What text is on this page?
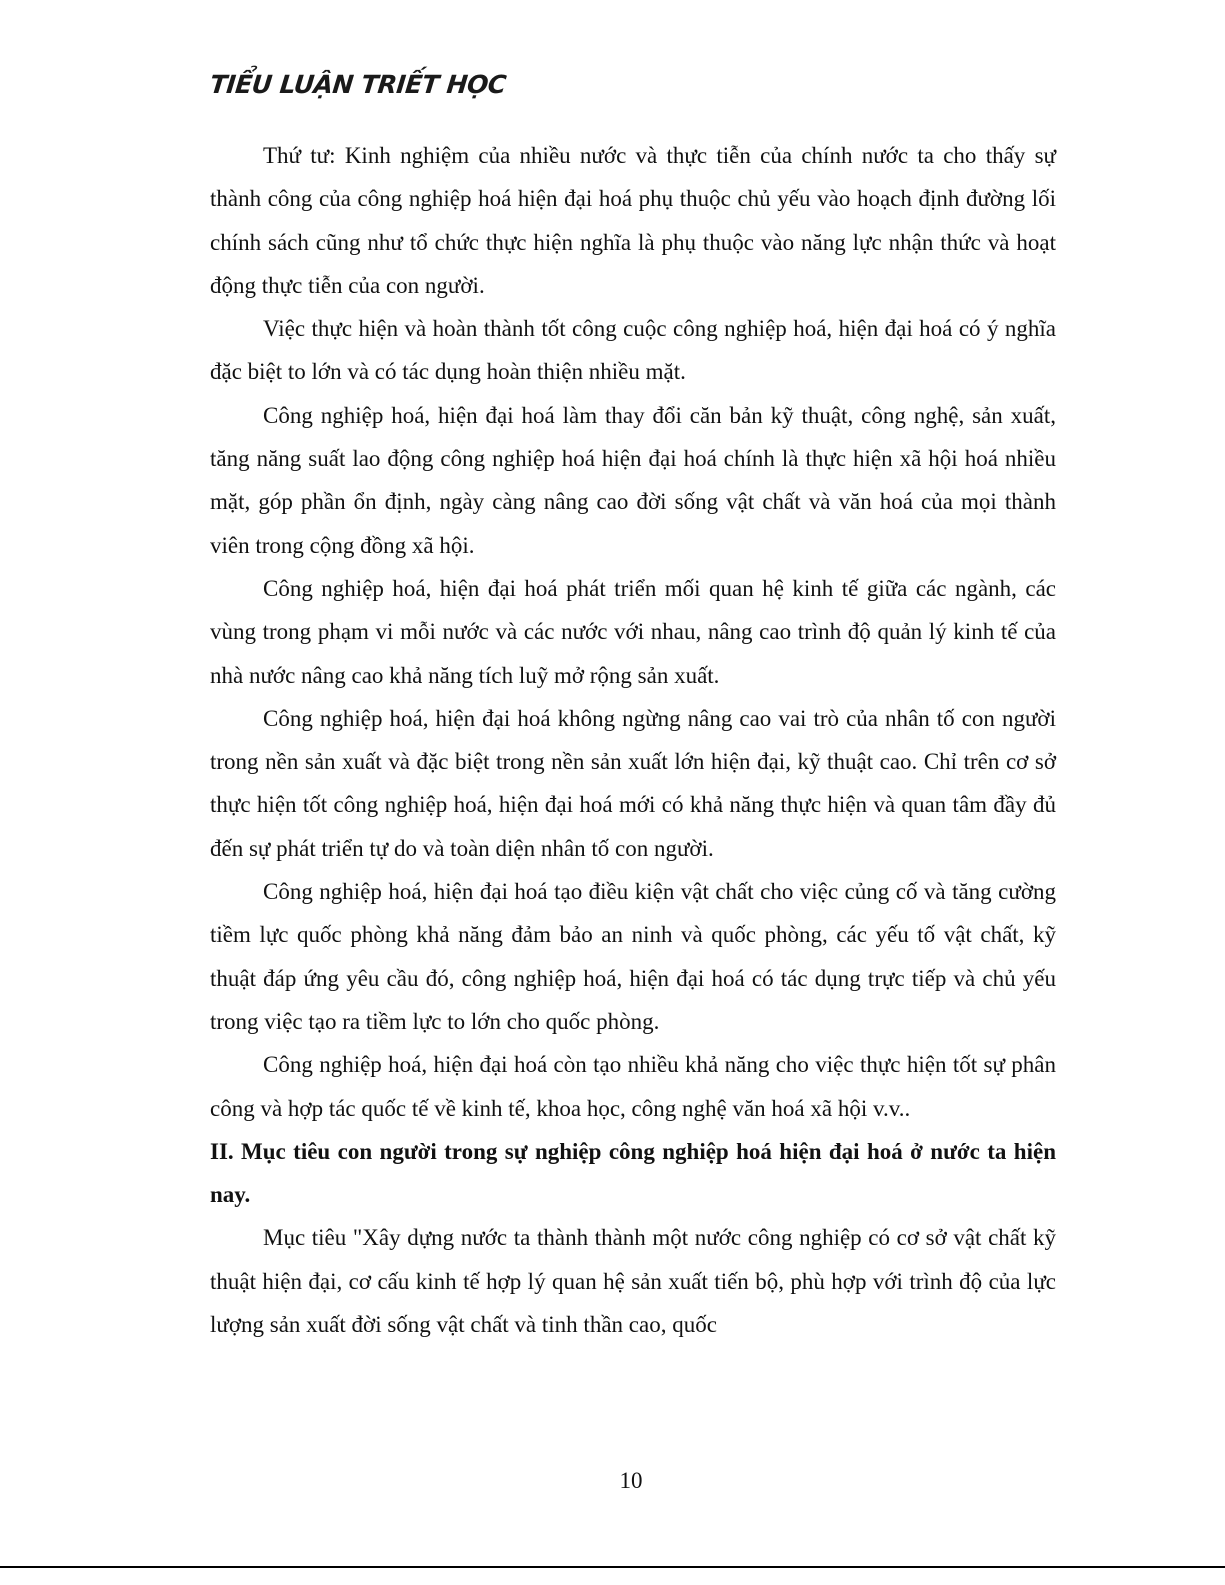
TIỂU LUẬN TRIẾT HỌC

Thứ tư: Kinh nghiệm của nhiều nước và thực tiễn của chính nước ta cho thấy sự thành công của công nghiệp hoá hiện đại hoá phụ thuộc chủ yếu vào hoạch định đường lối chính sách cũng như tổ chức thực hiện nghĩa là phụ thuộc vào năng lực nhận thức và hoạt động thực tiễn của con người.

Việc thực hiện và hoàn thành tốt công cuộc công nghiệp hoá, hiện đại hoá có ý nghĩa đặc biệt to lớn và có tác dụng hoàn thiện nhiều mặt.

Công nghiệp hoá, hiện đại hoá làm thay đổi căn bản kỹ thuật, công nghệ, sản xuất, tăng năng suất lao động công nghiệp hoá hiện đại hoá chính là thực hiện xã hội hoá nhiều mặt, góp phần ổn định, ngày càng nâng cao đời sống vật chất và văn hoá của mọi thành viên trong cộng đồng xã hội.

Công nghiệp hoá, hiện đại hoá phát triển mối quan hệ kinh tế giữa các ngành, các vùng trong phạm vi mỗi nước và các nước với nhau, nâng cao trình độ quản lý kinh tế của nhà nước nâng cao khả năng tích luỹ mở rộng sản xuất.

Công nghiệp hoá, hiện đại hoá không ngừng nâng cao vai trò của nhân tố con người trong nền sản xuất và đặc biệt trong nền sản xuất lớn hiện đại, kỹ thuật cao. Chỉ trên cơ sở thực hiện tốt công nghiệp hoá, hiện đại hoá mới có khả năng thực hiện và quan tâm đầy đủ đến sự phát triển tự do và toàn diện nhân tố con người.

Công nghiệp hoá, hiện đại hoá tạo điều kiện vật chất cho việc củng cố và tăng cường tiềm lực quốc phòng khả năng đảm bảo an ninh và quốc phòng, các yếu tố vật chất, kỹ thuật đáp ứng yêu cầu đó, công nghiệp hoá, hiện đại hoá có tác dụng trực tiếp và chủ yếu trong việc tạo ra tiềm lực to lớn cho quốc phòng.

Công nghiệp hoá, hiện đại hoá còn tạo nhiều khả năng cho việc thực hiện tốt sự phân công và hợp tác quốc tế về kinh tế, khoa học, công nghệ văn hoá xã hội v.v..

II. Mục tiêu con người trong sự nghiệp công nghiệp hoá hiện đại hoá ở nước ta hiện nay.

Mục tiêu "Xây dựng nước ta thành thành một nước công nghiệp có cơ sở vật chất kỹ thuật hiện đại, cơ cấu kinh tế hợp lý quan hệ sản xuất tiến bộ, phù hợp với trình độ của lực lượng sản xuất đời sống vật chất và tinh thần cao, quốc

10
